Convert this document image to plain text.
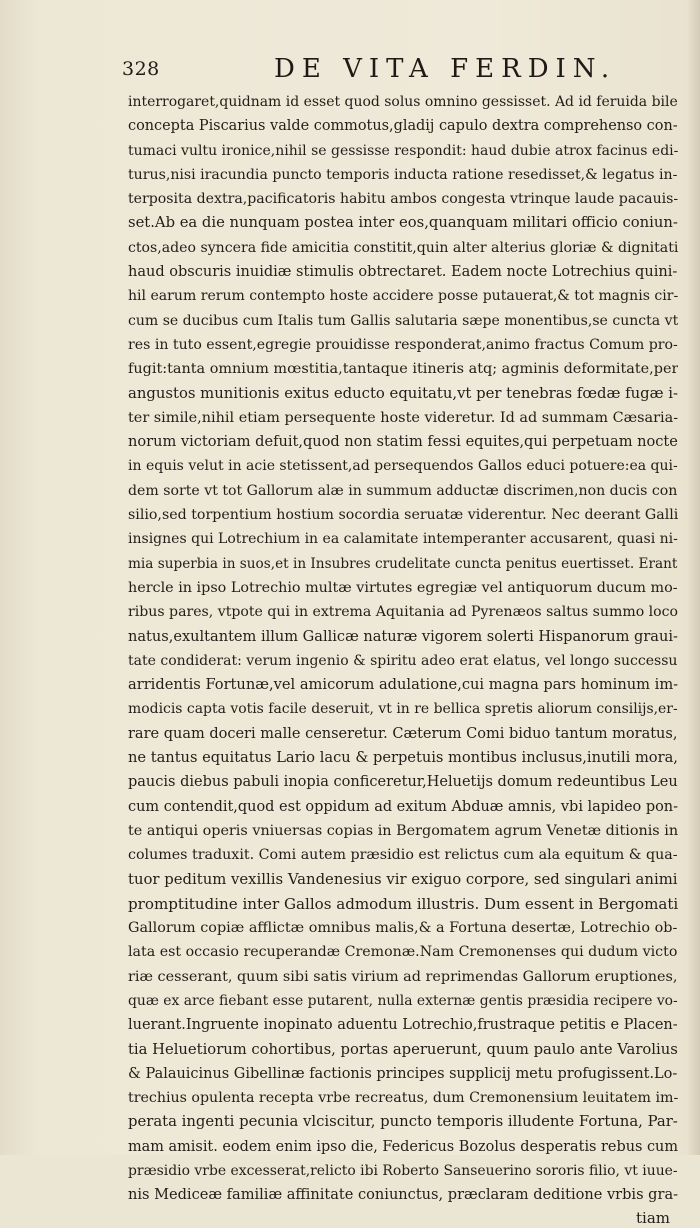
328	DE VITA FERDIN.
interrogaret,quidnam id esset quod solus omnino gessisset. Ad id feruida bile
concepta Piscarius valde commotus,gladij capulo dextra comprehenso con-
tumaci vultu ironice,nihil se gessisse respondit: haud dubie atrox facinus edi-
turus,nisi iracundia puncto temporis inducta ratione resedisset,& legatus in-
terposita dextra,pacificatoris habitu ambos congesta vtrinque laude pacauis-
set.Ab ea die nunquam postea inter eos,quanquam militari officio coniun-
ctos,adeo syncera fide amicitia constitit,quin alter alterius gloriæ & dignitati
haud obscuris inuidiæ stimulis obtrectaret. Eadem nocte Lotrechius quini-
hil earum rerum contempto hoste accidere posse putauerat,& tot magnis cir-
cum se ducibus cum Italis tum Gallis salutaria sæpe monentibus,se cuncta vt
res in tuto essent,egregie prouidisse responderat,animo fractus Comum pro-
fugit:tanta omnium mœstitia,tantaque itineris atq; agminis deformitate,per
angustos munitionis exitus educto equitatu,vt per tenebras fœdæ fugæ i-
ter simile,nihil etiam persequente hoste videretur. Id ad summam Cæsaria-
norum victoriam defuit,quod non statim fessi equites,qui perpetuam nocte
in equis velut in acie stetissent,ad persequendos Gallos educi potuere:ea qui-
dem sorte vt tot Gallorum alæ in summum adductæ discrimen,non ducis con
silio,sed torpentium hostium socordia seruatæ viderentur. Nec deerant Galli
insignes qui Lotrechium in ea calamitate intemperanter accusarent, quasi ni-
mia superbia in suos,et in Insubres crudelitate cuncta penitus euertisset. Erant
hercle in ipso Lotrechio multæ virtutes egregiæ vel antiquorum ducum mo-
ribus pares, vtpote qui in extrema Aquitania ad Pyrenæos saltus summo loco
natus,exultantem illum Gallicæ naturæ vigorem solerti Hispanorum graui-
tate condiderat: verum ingenio & spiritu adeo erat elatus, vel longo successu
arridentis Fortunæ,vel amicorum adulatione,cui magna pars hominum im-
modicis capta votis facile deseruit, vt in re bellica spretis aliorum consilijs,er-
rare quam doceri malle censeretur. Cæterum Comi biduo tantum moratus,
ne tantus equitatus Lario lacu & perpetuis montibus inclusus,inutili mora,
paucis diebus pabuli inopia conficeretur,Heluetijs domum redeuntibus Leu
cum contendit,quod est oppidum ad exitum Abduæ amnis, vbi lapideo pon-
te antiqui operis vniuersas copias in Bergomatem agrum Venetæ ditionis in
columes traduxit. Comi autem præsidio est relictus cum ala equitum & qua-
tuor peditum vexillis Vandenesius vir exiguo corpore, sed singulari animi
promptitudine inter Gallos admodum illustris. Dum essent in Bergomati
Gallorum copiæ afflictæ omnibus malis,& a Fortuna desertæ, Lotrechio ob-
lata est occasio recuperandæ Cremonæ.Nam Cremonenses qui dudum victo
riæ cesserant, quum sibi satis virium ad reprimendas Gallorum eruptiones,
quæ ex arce fiebant esse putarent, nulla externæ gentis præsidia recipere vo-
luerant.Ingruente inopinato aduentu Lotrechio,frustraque petitis e Placen-
tia Heluetiorum cohortibus, portas aperuerunt, quum paulo ante Varolius
& Palauicinus Gibellinæ factionis principes supplicij metu profugissent.Lo-
trechius opulenta recepta vrbe recreatus, dum Cremonensium leuitatem im-
perata ingenti pecunia vlciscitur, puncto temporis illudente Fortuna, Par-
mam amisit. eodem enim ipso die, Federicus Bozolus desperatis rebus cum
præsidio vrbe excesserat,relicto ibi Roberto Sanseuerino sororis filio, vt iuue-
nis Mediceæ familiæ affinitate coniunctus, præclaram deditione vrbis gra-
tiam
